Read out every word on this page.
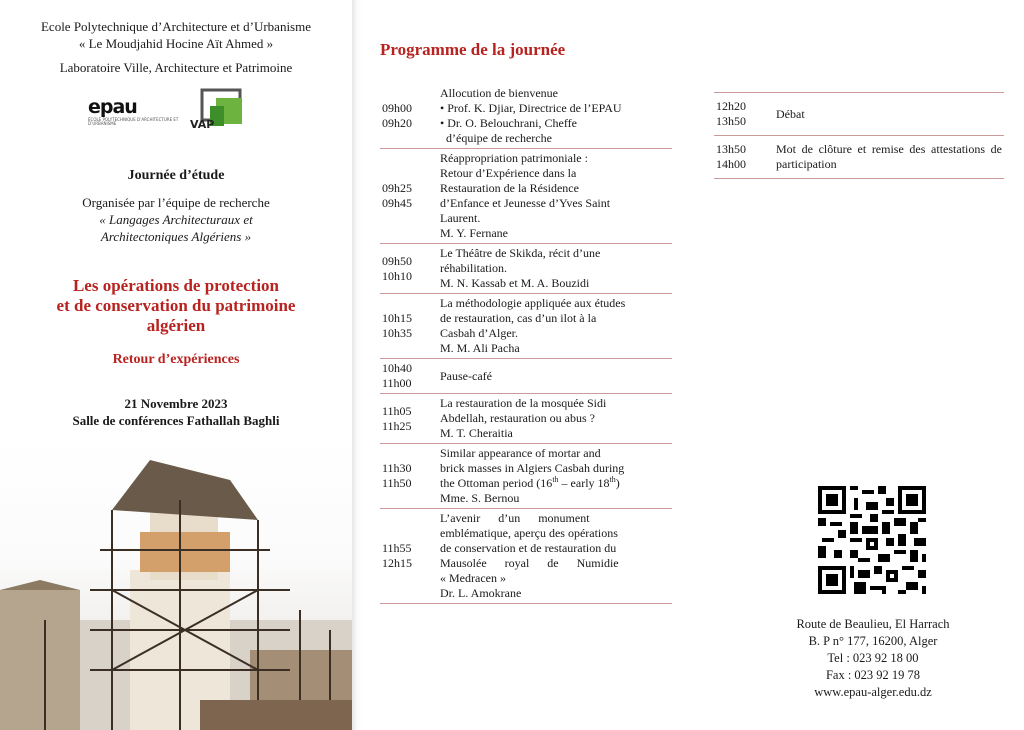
Ecole Polytechnique d’Architecture et d’Urbanisme
« Le Moudjahid Hocine Aït Ahmed »
Laboratoire Ville, Architecture et Patrimoine
epau
ÉCOLE POLYTECHNIQUE D’ARCHITECTURE ET D’URBANISME	VAP
Journée d’étude
Organisée par l’équipe de recherche
« Langages Architecturaux et
Architectoniques Algériens »
Les opérations de protection
et de conservation du patrimoine
algérien
Retour d’expériences
21 Novembre 2023
Salle de conférences Fathallah Baghli
Programme de la journée
09h00
09h20
Allocution de bienvenue
• Prof. K. Djiar, Directrice de l’EPAU
• Dr. O. Belouchrani, Cheffe
d’équipe de recherche
09h25
09h45
Réappropriation patrimoniale :
Retour d’Expérience dans la
Restauration de la Résidence
d’Enfance et Jeunesse d’Yves Saint
Laurent.
M. Y. Fernane
09h50
10h10
Le Théâtre de Skikda, récit d’une
réhabilitation.
M. N. Kassab et M. A. Bouzidi
10h15
10h35
La méthodologie appliquée aux études
de restauration, cas d’un ilot à la
Casbah d’Alger.
M. M. Ali Pacha
10h40
11h00
Pause-café
11h05
11h25
La restauration de la mosquée Sidi
Abdellah, restauration ou abus ?
M. T. Cheraitia
11h30
11h50
Similar appearance of mortar and
brick masses in Algiers Casbah during
the Ottoman period (16th – early 18th)
Mme. S. Bernou
11h55
12h15
L’avenir      d’un      monument
emblématique, aperçu des opérations
de conservation et de restauration du
Mausolée      royal      de      Numidie
« Medracen »
Dr. L. Amokrane
12h20
13h50
Débat
13h50
14h00
Mot de clôture et remise des attestations de participation
Route de Beaulieu, El Harrach
B. P n° 177, 16200, Alger
Tel : 023 92 18 00
Fax : 023 92 19 78
www.epau-alger.edu.dz
